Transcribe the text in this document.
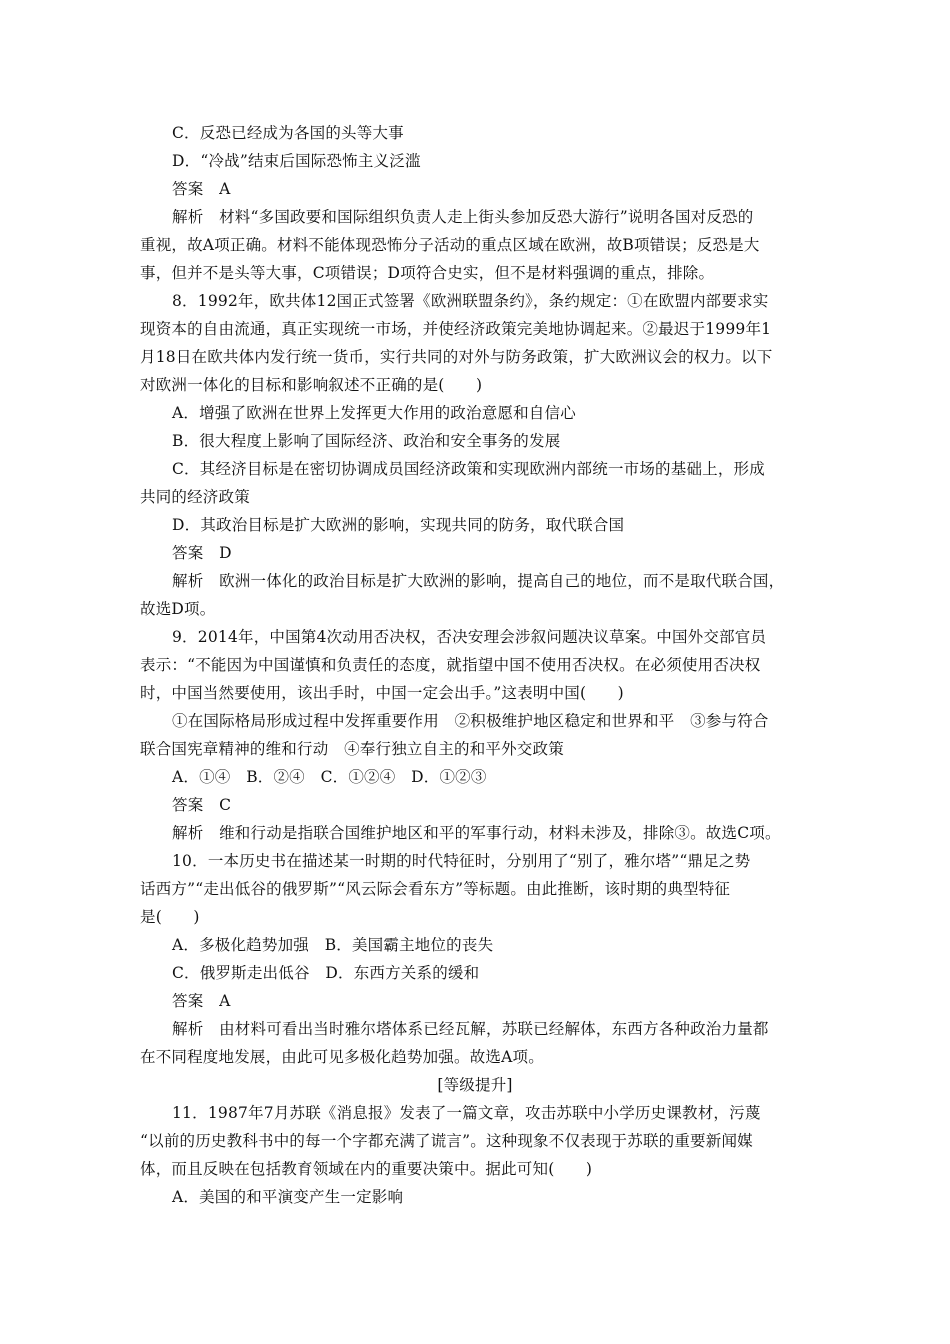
C．反恐已经成为各国的头等大事
D．“冷战”结束后国际恐怖主义泛滥
答案　A
解析　材料“多国政要和国际组织负责人走上街头参加反恐大游行”说明各国对反恐的
重视，故A项正确。材料不能体现恐怖分子活动的重点区域在欧洲，故B项错误；反恐是大
事，但并不是头等大事，C项错误；D项符合史实，但不是材料强调的重点，排除。
8．1992年，欧共体12国正式签署《欧洲联盟条约》，条约规定：①在欧盟内部要求实
现资本的自由流通，真正实现统一市场，并使经济政策完美地协调起来。②最迟于1999年1
月18日在欧共体内发行统一货币，实行共同的对外与防务政策，扩大欧洲议会的权力。以下
对欧洲一体化的目标和影响叙述不正确的是(　　)
A．增强了欧洲在世界上发挥更大作用的政治意愿和自信心
B．很大程度上影响了国际经济、政治和安全事务的发展
C．其经济目标是在密切协调成员国经济政策和实现欧洲内部统一市场的基础上，形成
共同的经济政策
D．其政治目标是扩大欧洲的影响，实现共同的防务，取代联合国
答案　D
解析　欧洲一体化的政治目标是扩大欧洲的影响，提高自己的地位，而不是取代联合国，
故选D项。
9．2014年，中国第4次动用否决权，否决安理会涉叙问题决议草案。中国外交部官员
表示：“不能因为中国谨慎和负责任的态度，就指望中国不使用否决权。在必须使用否决权
时，中国当然要使用，该出手时，中国一定会出手。”这表明中国(　　)
①在国际格局形成过程中发挥重要作用　②积极维护地区稳定和世界和平　③参与符合
联合国宪章精神的维和行动　④奉行独立自主的和平外交政策
A．①④　B．②④　C．①②④　D．①②③
答案　C
解析　维和行动是指联合国维护地区和平的军事行动，材料未涉及，排除③。故选C项。
10．一本历史书在描述某一时期的时代特征时，分别用了“别了，雅尔塔”“鼎足之势
话西方”“走出低谷的俄罗斯”“风云际会看东方”等标题。由此推断，该时期的典型特征
是(　　)
A．多极化趋势加强　B．美国霸主地位的丧失
C．俄罗斯走出低谷　D．东西方关系的缓和
答案　A
解析　由材料可看出当时雅尔塔体系已经瓦解，苏联已经解体，东西方各种政治力量都
在不同程度地发展，由此可见多极化趋势加强。故选A项。
[等级提升]
11．1987年7月苏联《消息报》发表了一篇文章，攻击苏联中小学历史课教材，污蔑
“以前的历史教科书中的每一个字都充满了谎言”。这种现象不仅表现于苏联的重要新闻媒
体，而且反映在包括教育领域在内的重要决策中。据此可知(　　)
A．美国的和平演变产生一定影响
